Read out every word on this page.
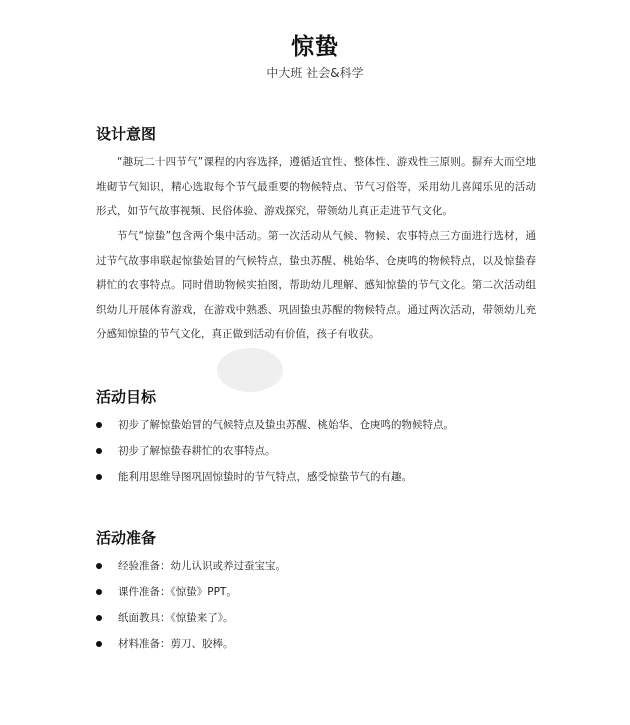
惊蛰
中大班 社会&科学
设计意图

“趣玩二十四节气”课程的内容选择，遵循适宜性、整体性、游戏性三原则。摒弃大而空地堆砌节气知识，精心选取每个节气最重要的物候特点、节气习俗等，采用幼儿喜闻乐见的活动形式，如节气故事视频、民俗体验、游戏探究，带领幼儿真正走进节气文化。

节气“惊蛰”包含两个集中活动。第一次活动从气候、物候、农事特点三方面进行选材，通过节气故事串联起惊蛰始冒的气候特点，蛰虫苏醒、桃始华、仓庚鸣的物候特点，以及惊蛰春耕忙的农事特点。同时借助物候实拍图，帮助幼儿理解、感知惊蛰的节气文化。第二次活动组织幼儿开展体育游戏，在游戏中熟悉、巩固蛰虫苏醒的物候特点。通过两次活动，带领幼儿充分感知惊蛰的节气文化，真正做到活动有价值，孩子有收获。

活动目标
初步了解惊蛰始冒的气候特点及蛰虫苏醒、桃始华、仓庚鸣的物候特点。
初步了解惊蛰春耕忙的农事特点。
能利用思维导图巩固惊蛰时的节气特点，感受惊蛰节气的有趣。
活动准备
经验准备：幼儿认识或养过蚕宝宝。
课件准备：《惊蛰》PPT。
纸面教具：《惊蛰来了》。
材料准备：剪刀、胶棒。
